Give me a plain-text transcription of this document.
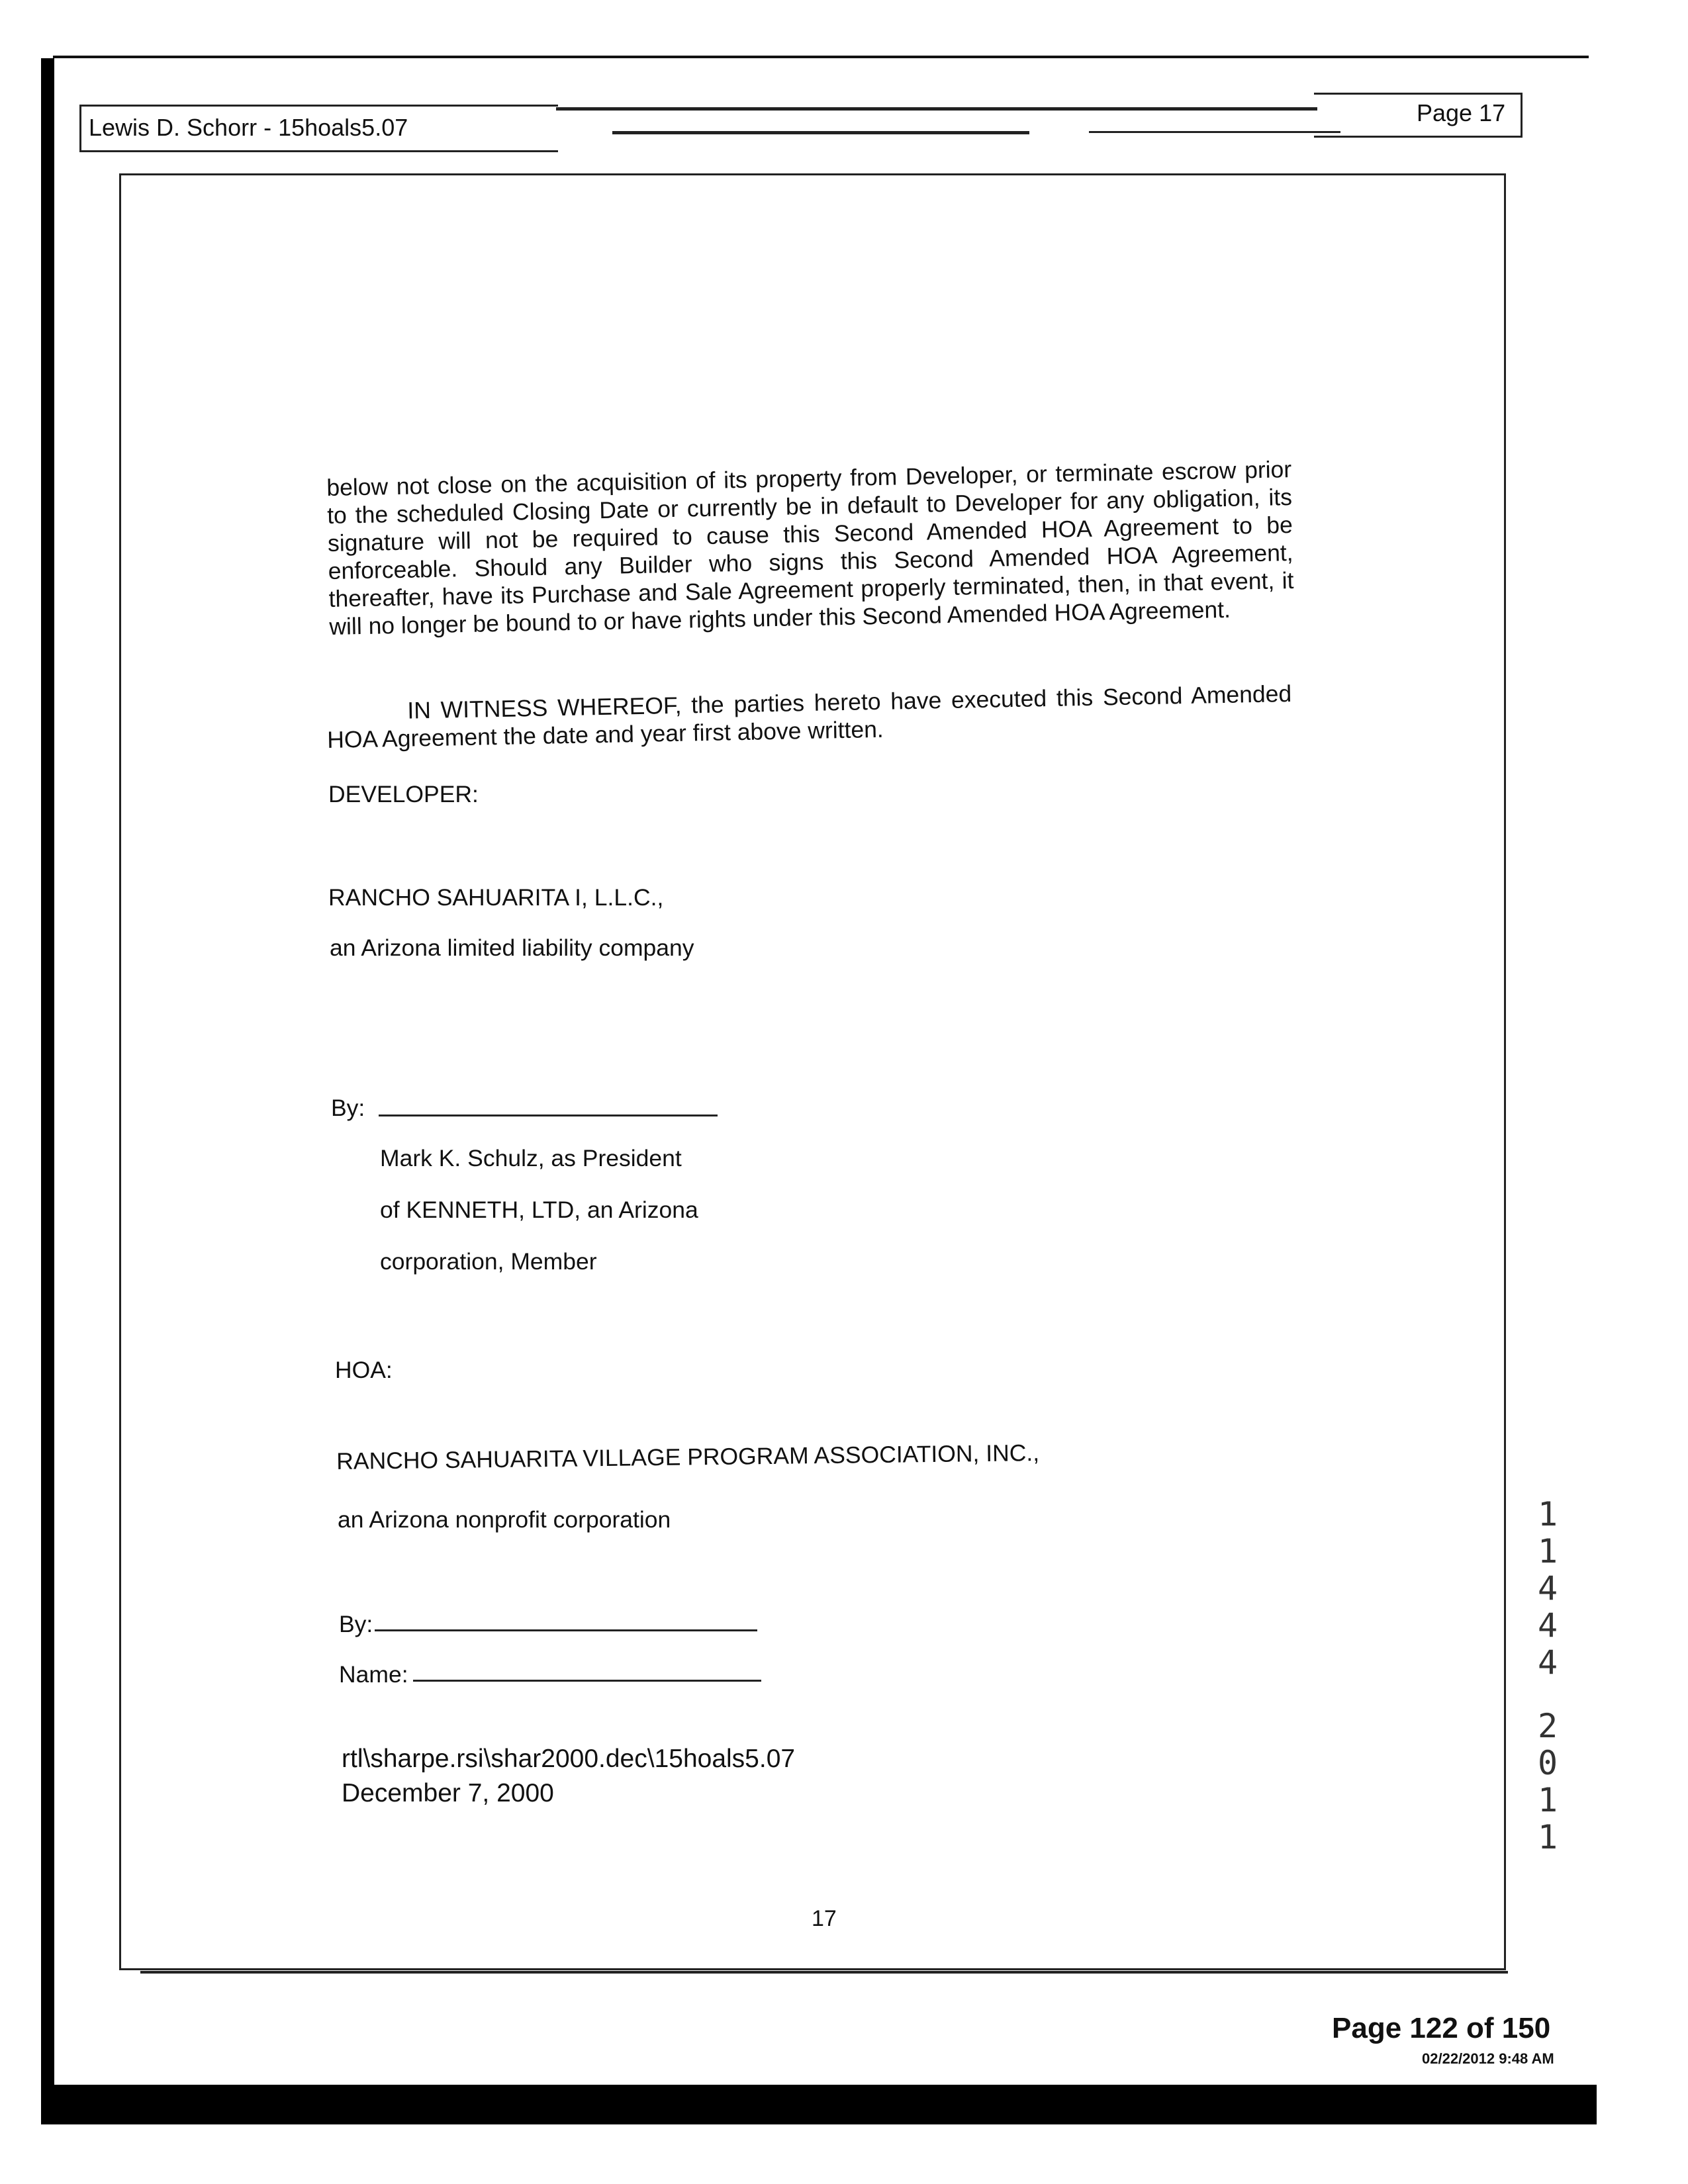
Lewis D. Schorr - 15hoals5.07
Page 17
below not close on the acquisition of its property from Developer, or terminate escrow prior to the scheduled Closing Date or currently be in default to Developer for any obligation, its signature will not be required to cause this Second Amended HOA Agreement to be enforceable. Should any Builder who signs this Second Amended HOA Agreement, thereafter, have its Purchase and Sale Agreement properly terminated, then, in that event, it will no longer be bound to or have rights under this Second Amended HOA Agreement.
IN WITNESS WHEREOF, the parties hereto have executed this Second Amended HOA Agreement the date and year first above written.
DEVELOPER:
RANCHO SAHUARITA I, L.L.C.,
an Arizona limited liability company
By:
Mark K. Schulz, as President
of KENNETH, LTD, an Arizona
corporation, Member
HOA:
RANCHO SAHUARITA VILLAGE PROGRAM ASSOCIATION, INC.,
an Arizona nonprofit corporation
By:
Name:
rtl\sharpe.rsi\shar2000.dec\15hoals5.07
December 7, 2000
17
1
1
4
4
4
2
0
1
1
Page 122 of 150
02/22/2012 9:48 AM
